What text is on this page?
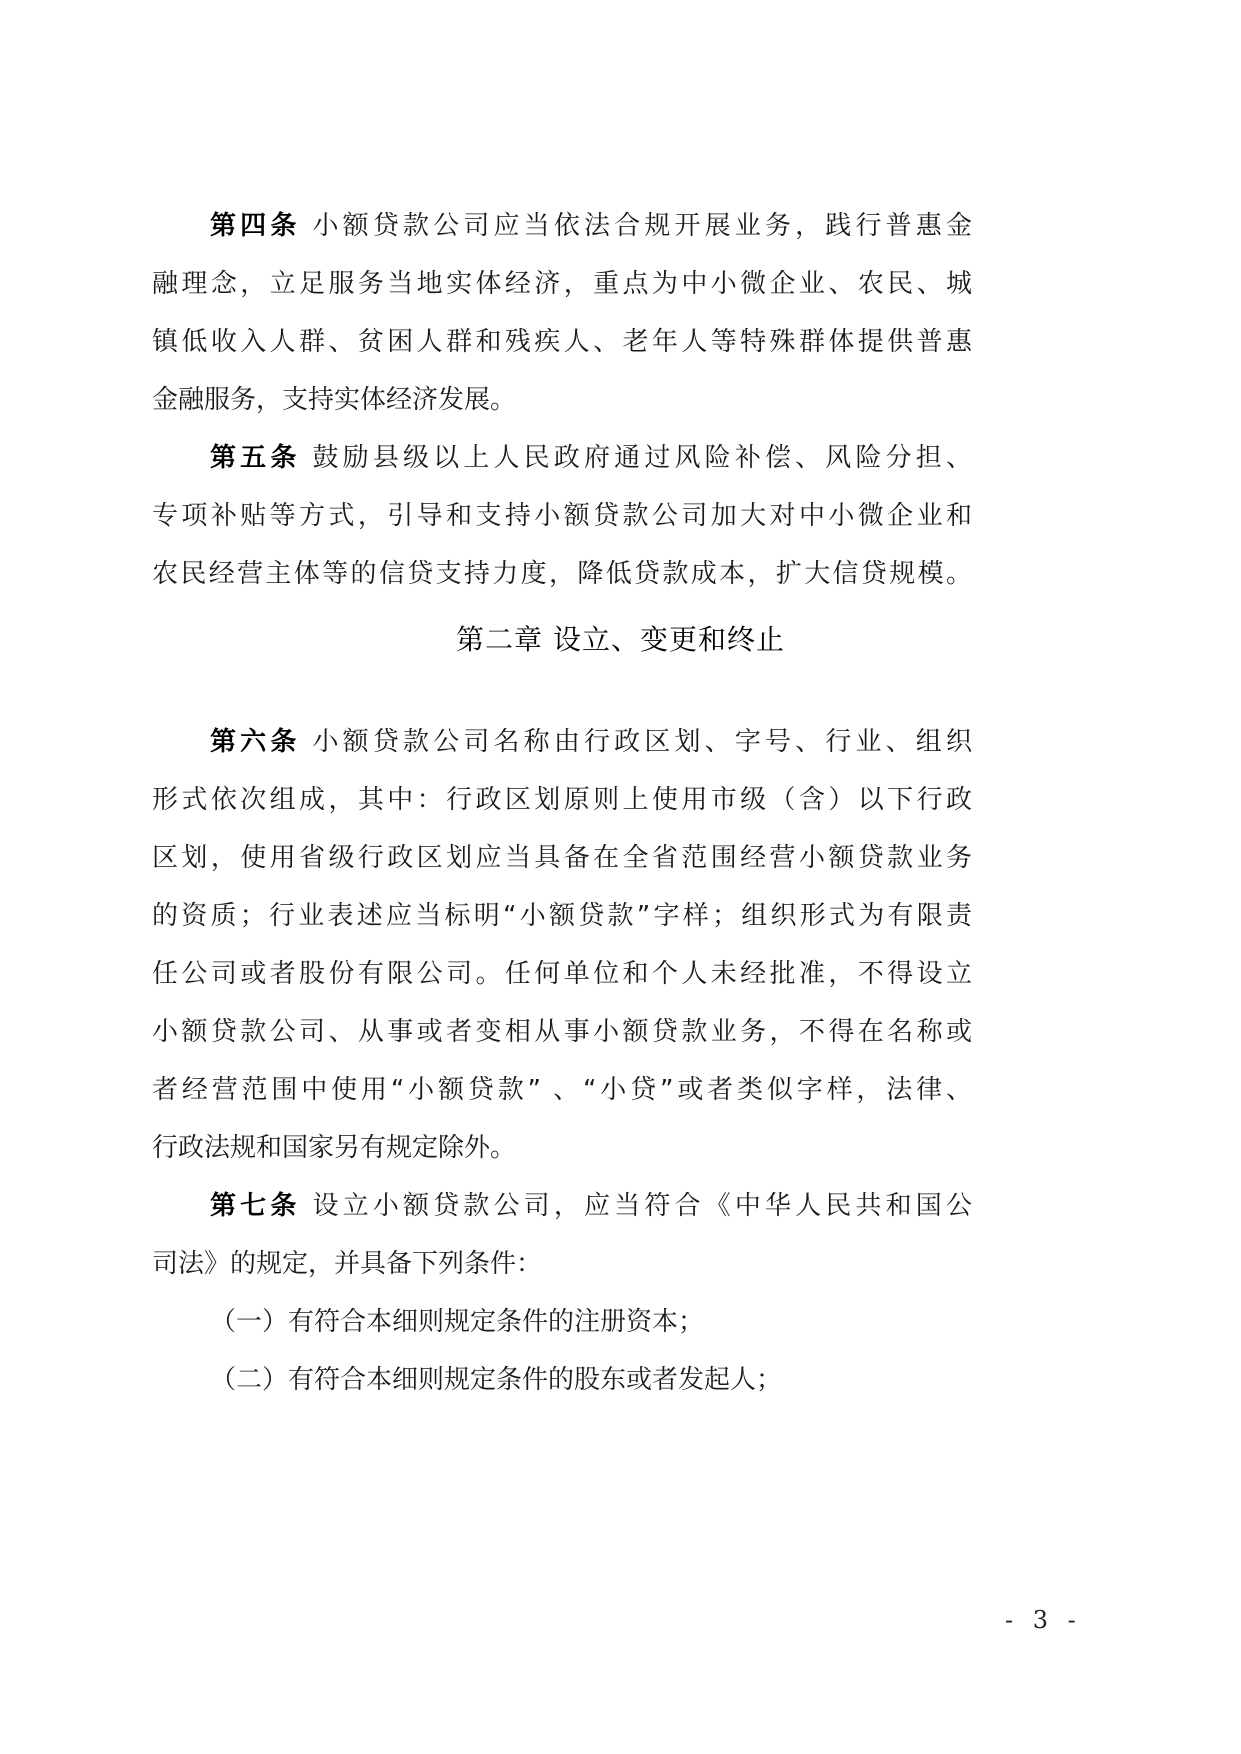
第四条 小额贷款公司应当依法合规开展业务，践行普惠金
融理念，立足服务当地实体经济，重点为中小微企业、农民、城
镇低收入人群、贫困人群和残疾人、老年人等特殊群体提供普惠
金融服务，支持实体经济发展。
第五条 鼓励县级以上人民政府通过风险补偿、风险分担、
专项补贴等方式，引导和支持小额贷款公司加大对中小微企业和
农民经营主体等的信贷支持力度，降低贷款成本，扩大信贷规模。
第二章 设立、变更和终止
第六条 小额贷款公司名称由行政区划、字号、行业、组织
形式依次组成，其中：行政区划原则上使用市级（含）以下行政
区划，使用省级行政区划应当具备在全省范围经营小额贷款业务
的资质；行业表述应当标明“小额贷款”字样；组织形式为有限责
任公司或者股份有限公司。任何单位和个人未经批准，不得设立
小额贷款公司、从事或者变相从事小额贷款业务，不得在名称或
者经营范围中使用“小额贷款” 、“小贷”或者类似字样，法律、
行政法规和国家另有规定除外。
第七条 设立小额贷款公司，应当符合《中华人民共和国公
司法》的规定，并具备下列条件：
（一）有符合本细则规定条件的注册资本；
（二）有符合本细则规定条件的股东或者发起人；
- 3 -
